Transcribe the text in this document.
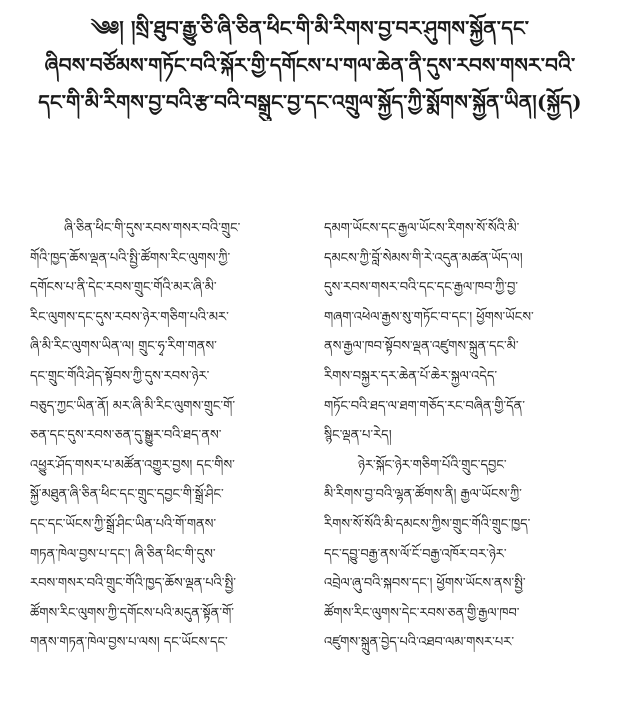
༄༅། །སྲི་ཐུབ་རྒྱུ་ཅི་ཞི་ཅིན་ཕིང་གི་མི་རིགས་བྱ་བར་ཤུགས་སྐྱོན་དང་
ཞིབས་བཙོམས་གཏོང་བའི་སྐོར་གྱི་དགོངས་པ་གལ་ཆེན་ནི་དུས་རབས་གསར་བའི་
དང་གི་མི་རིགས་བྱ་བའི་རྩ་བའི་བསྒྲུང་བྱ་དང་འགྲུལ་སྐྱོད་ཀྱི་སྨོགས་སྐྱོན་ཡིན།(སྐྱོད)
ཞི་ཅིན་ཕིང་གི་དུས་རབས་གསར་བའི་གྲུང་
གོའི་ཁྱད་ཆོས་ལྡན་པའི་སྤྱི་ཚོགས་རིང་ལུགས་ཀྱི་
དགོངས་པ་ནི་དེང་རབས་གྲུང་གོའི་མར་ཞི་མི་
རིང་ལུགས་དང་དུས་རབས་ཉེར་གཅིག་པའི་མར་
ཞི་མི་རིང་ལུགས་ཡིན་ལ། གྲུང་ཧྭ་རིག་གནས་
དང་གྲུང་གོའི་ཤེད་སྟོབས་ཀྱི་དུས་རབས་ཉེར་
བཅུད་ཀྱང་ཡིན་ནོ། མར་ཞི་མི་རིང་ལུགས་གྲུང་གོ་
ཅན་དང་དུས་རབས་ཅན་དུ་སྒྱུར་བའི་ཐད་ནས་
འཕྱུར་ཤོད་གསར་པ་མཚོན་འགྱུར་བྱས། དང་གིས་
སྐྱོ་མཐུན་ཞི་ཅིན་ཕིང་དང་གྲུང་དབྱང་གི་སྒྲོ་ཤིང་
དང་དང་ཡོངས་ཀྱི་སྒྲོ་ཤིང་ཡིན་པའི་གོ་གནས་
གཏན་ཁེལ་བྱས་པ་དང་། ཞི་ཅིན་ཕིང་གི་དུས་
རབས་གསར་བའི་གྲུང་གོའི་ཁྱད་ཆོས་ལྡན་པའི་སྤྱི་
ཚོགས་རིང་ལུགས་ཀྱི་དགོངས་པའི་མདུན་སྟོན་གོ་
གནས་གཏན་ཁེལ་བྱས་པ་ལས། དང་ཡོངས་དང་
དམག་ཡོངས་དང་རྒྱལ་ཡོངས་རིགས་སོ་སོའི་མི་
དམངས་ཀྱི་བློ་སེམས་གི་རེ་འདུན་མཚན་ཡོད་ལ།
དུས་རབས་གསར་བའི་དང་དང་རྒྱལ་ཁབ་ཀྱི་བྱ་
གཞག་འཕེལ་རྒྱས་སུ་གཏོང་བ་དང་། ཕྱོགས་ཡོངས་
ནས་རྒྱལ་ཁབ་སྟོབས་ལྡན་འཛུགས་སྐྲུན་དང་མི་
རིགས་བསྐྱར་དར་ཆེན་པོ་ཆེར་སྐྱལ་འདེད་
གཏོང་བའི་ཐད་ལ་ཐག་གཅོད་རང་བཞིན་གྱི་དོན་
སྙིང་ལྡན་པ་རེད།
ཉེར་སྐོང་ཉེར་གཅིག་པོའི་གྲུང་དབྱང་
མི་རིགས་བྱ་བའི་ལྷན་ཚོགས་ནི། རྒྱལ་ཡོངས་ཀྱི་
རིགས་སོ་སོའི་མི་དམངས་ཀྱིས་གྲུང་གོའི་གྲུང་ཁྱད་
དང་དབྱུ་བརྒྱ་ནས་ལོ་ངོ་བརྒྱ་འཁོར་བར་ཉེར་
འབྲེལ་ཞུ་བའི་སྐབས་དང་། ཕྱོགས་ཡོངས་ནས་སྤྱི་
ཚོགས་རིང་ལུགས་དེང་རབས་ཅན་གྱི་རྒྱལ་ཁབ་
འཛུགས་སྐྲུན་བྱེད་པའི་འཐབ་ལམ་གསར་པར་
